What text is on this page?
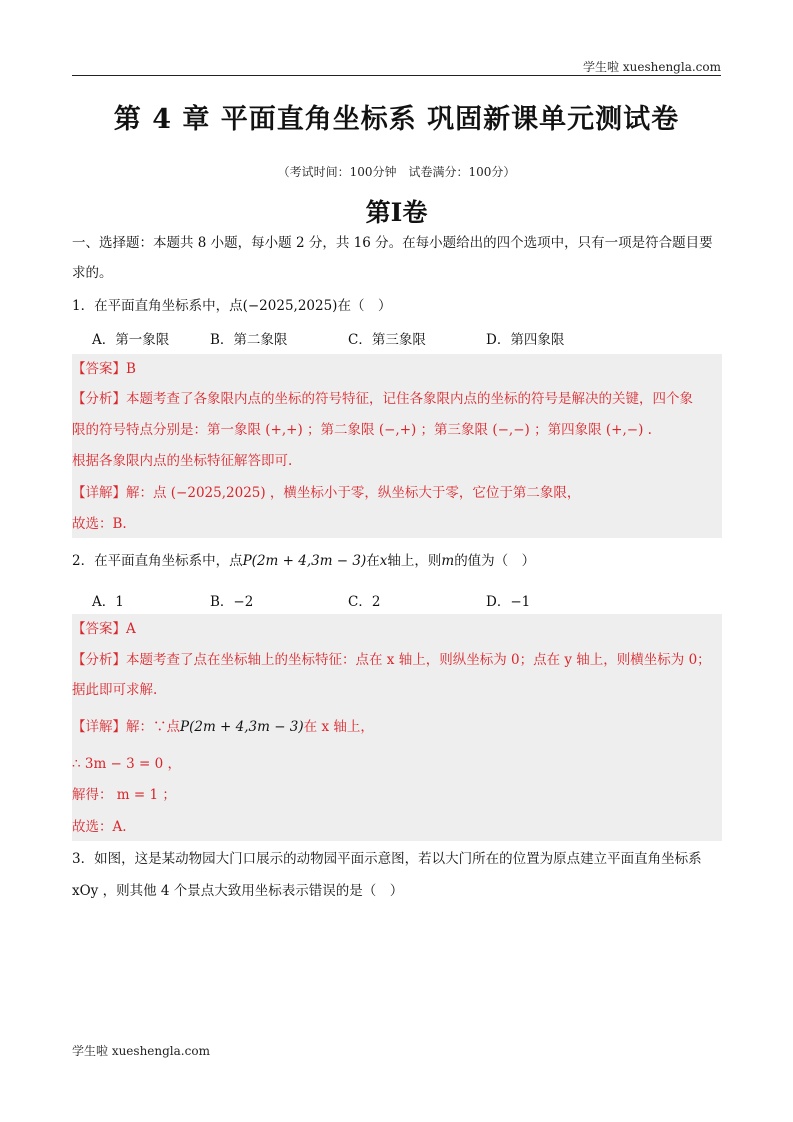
学生啦 xueshengla.com
第 4 章 平面直角坐标系 巩固新课单元测试卷
（考试时间：100分钟　试卷满分：100分）
第I卷
一、选择题：本题共 8 小题，每小题 2 分，共 16 分。在每小题给出的四个选项中，只有一项是符合题目要
求的。
1．在平面直角坐标系中，点(−2025,2025)在（　）
A．第一象限	B．第二象限	C．第三象限	D．第四象限
【答案】B
【分析】本题考查了各象限内点的坐标的符号特征，记住各象限内点的坐标的符号是解决的关键，四个象
限的符号特点分别是：第一象限 (+,+) ；第二象限 (−,+) ；第三象限 (−,−) ；第四象限 (+,−) .
根据各象限内点的坐标特征解答即可.
【详解】解：点 (−2025,2025) ，横坐标小于零，纵坐标大于零，它位于第二象限，
故选：B.
2．在平面直角坐标系中，点P(2m + 4,3m − 3)在x轴上，则m的值为（　）
A．1	B．−2	C．2	D．−1
【答案】A
【分析】本题考查了点在坐标轴上的坐标特征：点在 x 轴上，则纵坐标为 0；点在 y 轴上，则横坐标为 0；
据此即可求解.
【详解】解：∵点P(2m + 4,3m − 3)在 x 轴上，
∴ 3m − 3 = 0 ，
解得： m = 1 ；
故选：A.
3．如图，这是某动物园大门口展示的动物园平面示意图，若以大门所在的位置为原点建立平面直角坐标系
xOy ，则其他 4 个景点大致用坐标表示错误的是（　）
学生啦 xueshengla.com
